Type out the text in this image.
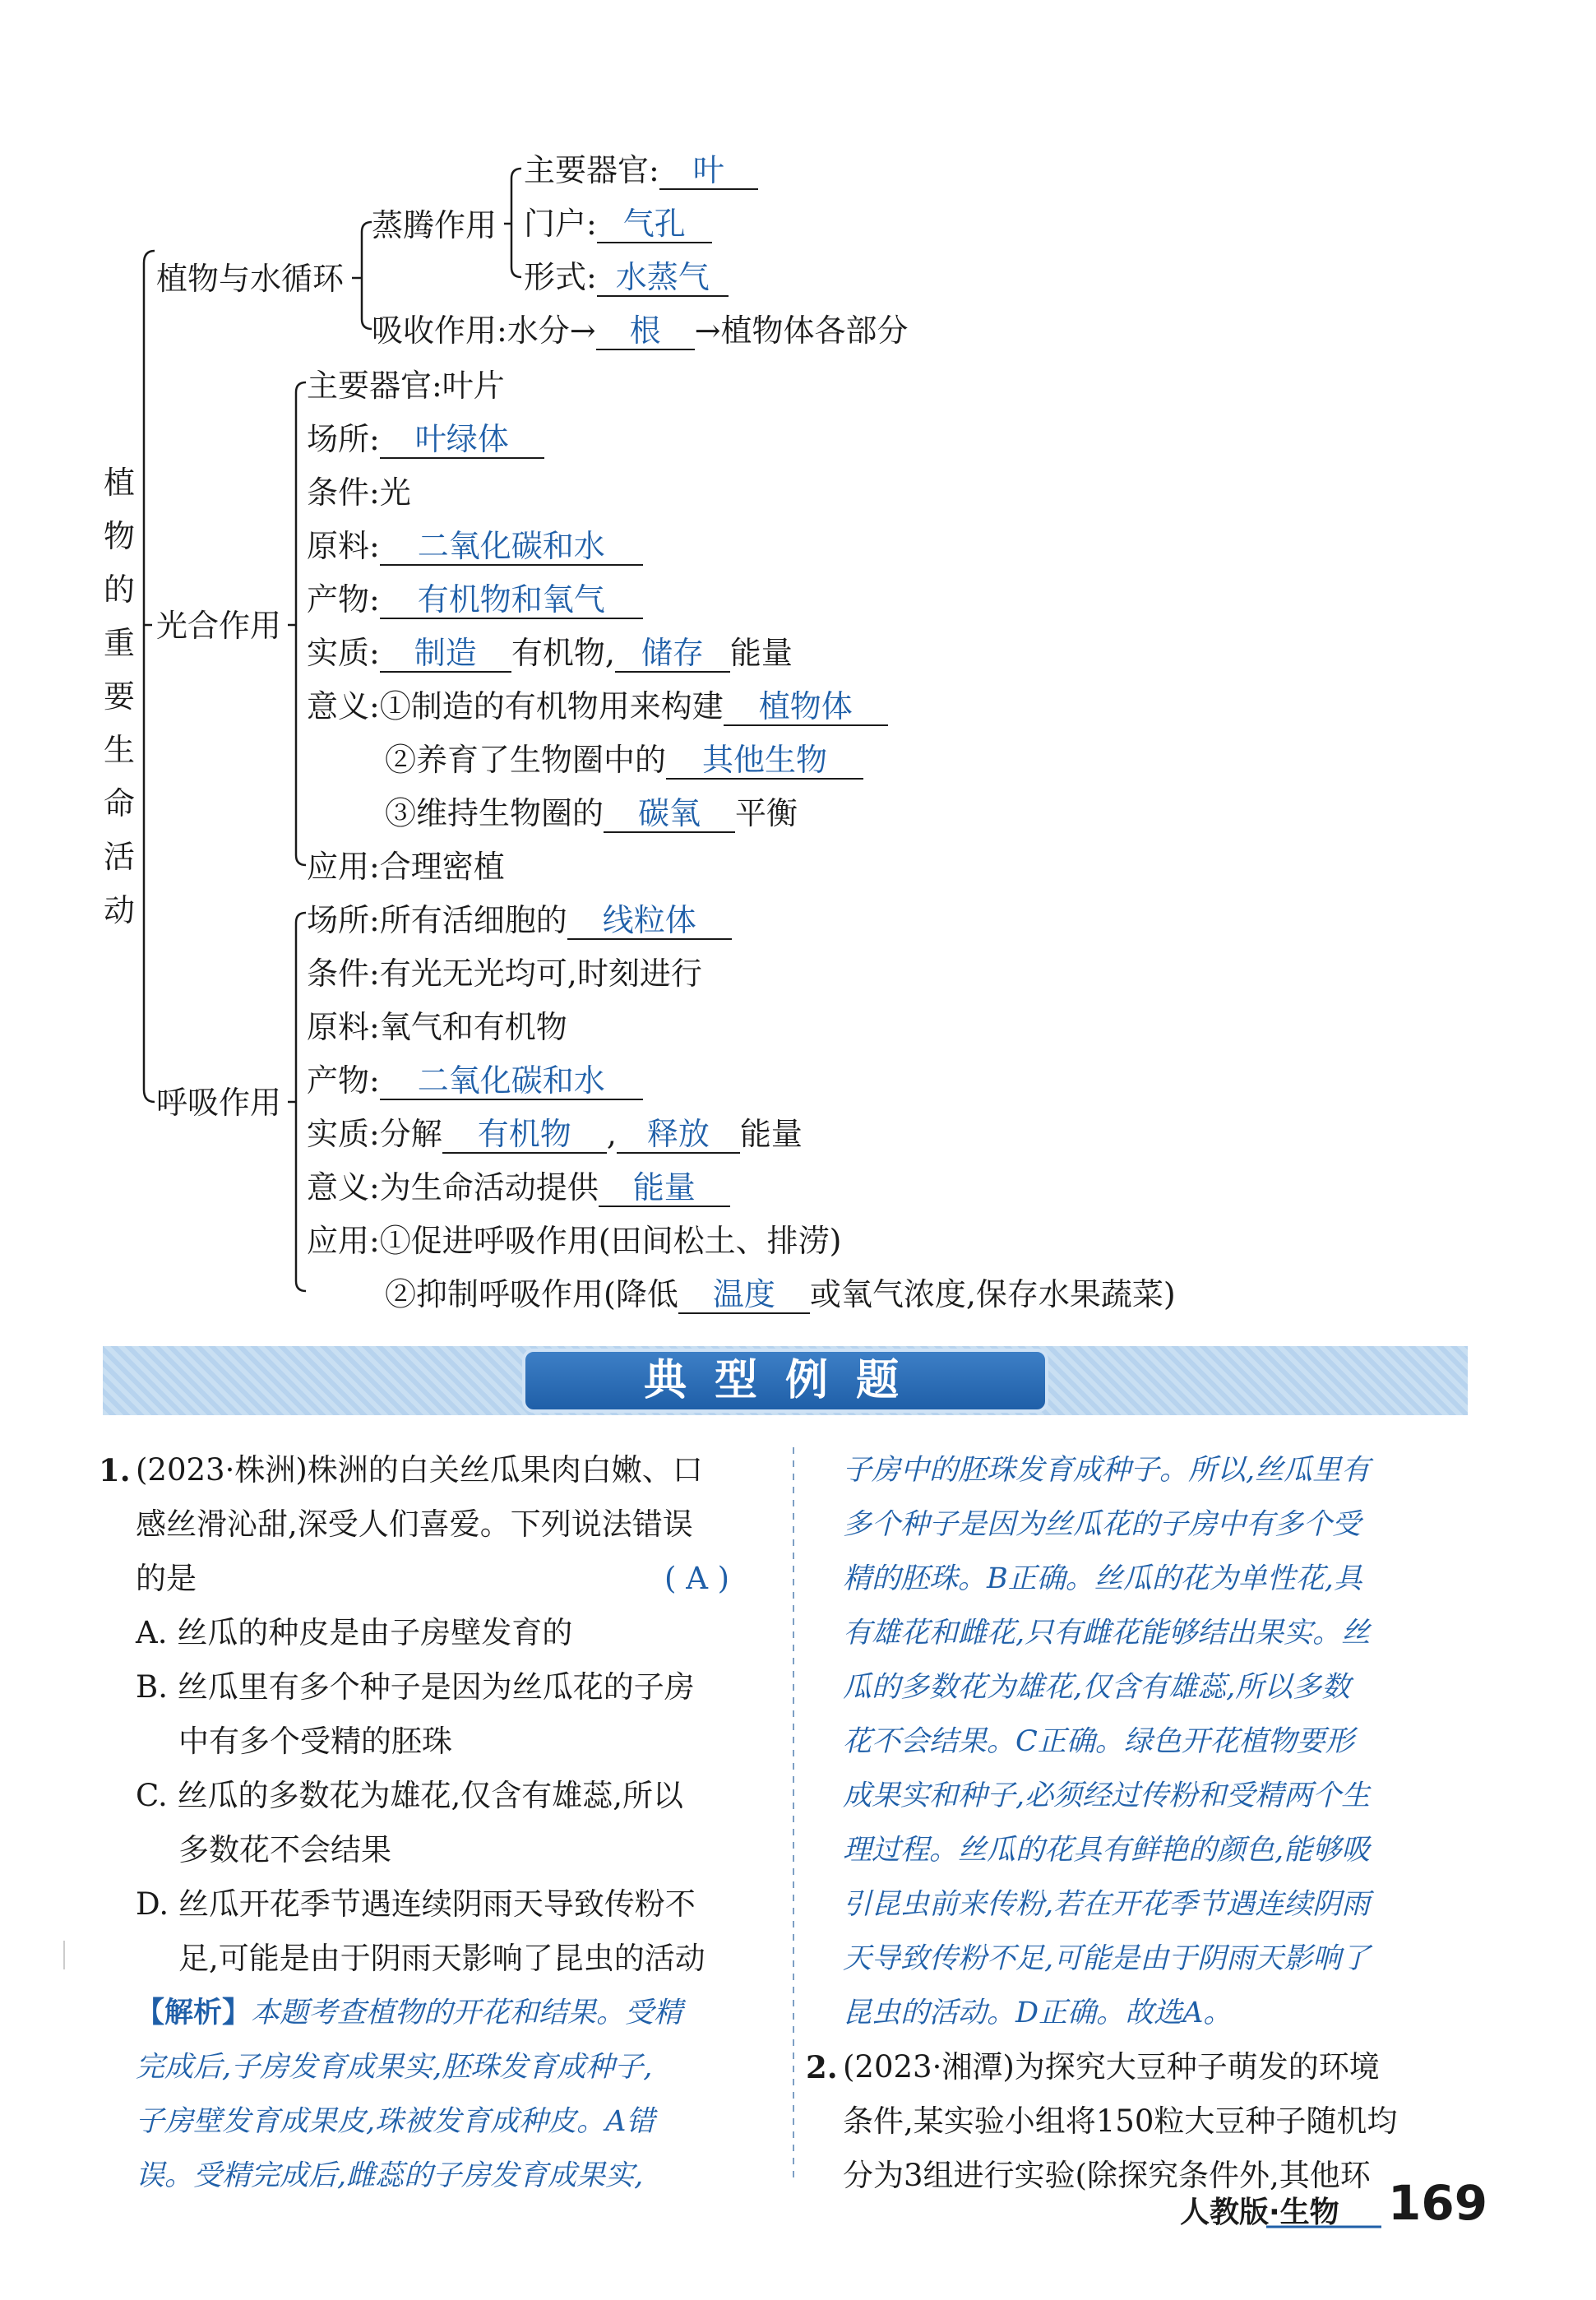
植物的重要生命活动
植物与水循环
蒸腾作用
主要器官: 叶
门户: 气孔
形式: 水蒸气
吸收作用:水分→ 根 →植物体各部分
光合作用
主要器官:叶片
场所: 叶绿体
条件:光
原料: 二氧化碳和水
产物: 有机物和氧气
实质: 制造 有机物, 储存 能量
意义:①制造的有机物用来构建 植物体
②养育了生物圈中的 其他生物
③维持生物圈的 碳氧 平衡
应用:合理密植
呼吸作用
场所:所有活细胞的 线粒体
条件:有光无光均可,时刻进行
原料:氧气和有机物
产物: 二氧化碳和水
实质:分解 有机物 , 释放 能量
意义:为生命活动提供 能量
应用:①促进呼吸作用(田间松土、排涝)
②抑制呼吸作用(降低 温度 或氧气浓度,保存水果蔬菜)
典型例题
1. (2023·株洲)株洲的白关丝瓜果肉白嫩、口
感丝滑沁甜,深受人们喜爱。下列说法错误
的是	( A )
A. 丝瓜的种皮是由子房壁发育的
B. 丝瓜里有多个种子是因为丝瓜花的子房
中有多个受精的胚珠
C. 丝瓜的多数花为雄花,仅含有雄蕊,所以
多数花不会结果
D. 丝瓜开花季节遇连续阴雨天导致传粉不
足,可能是由于阴雨天影响了昆虫的活动
【解析】本题考查植物的开花和结果。受精
完成后,子房发育成果实,胚珠发育成种子,
子房壁发育成果皮,珠被发育成种皮。A错
误。受精完成后,雌蕊的子房发育成果实,
子房中的胚珠发育成种子。所以,丝瓜里有
多个种子是因为丝瓜花的子房中有多个受
精的胚珠。B正确。丝瓜的花为单性花,具
有雄花和雌花,只有雌花能够结出果实。丝
瓜的多数花为雄花,仅含有雄蕊,所以多数
花不会结果。C正确。绿色开花植物要形
成果实和种子,必须经过传粉和受精两个生
理过程。丝瓜的花具有鲜艳的颜色,能够吸
引昆虫前来传粉,若在开花季节遇连续阴雨
天导致传粉不足,可能是由于阴雨天影响了
昆虫的活动。D正确。故选A。
2. (2023·湘潭)为探究大豆种子萌发的环境
条件,某实验小组将150粒大豆种子随机均
分为3组进行实验(除探究条件外,其他环
人教版·生物 169
